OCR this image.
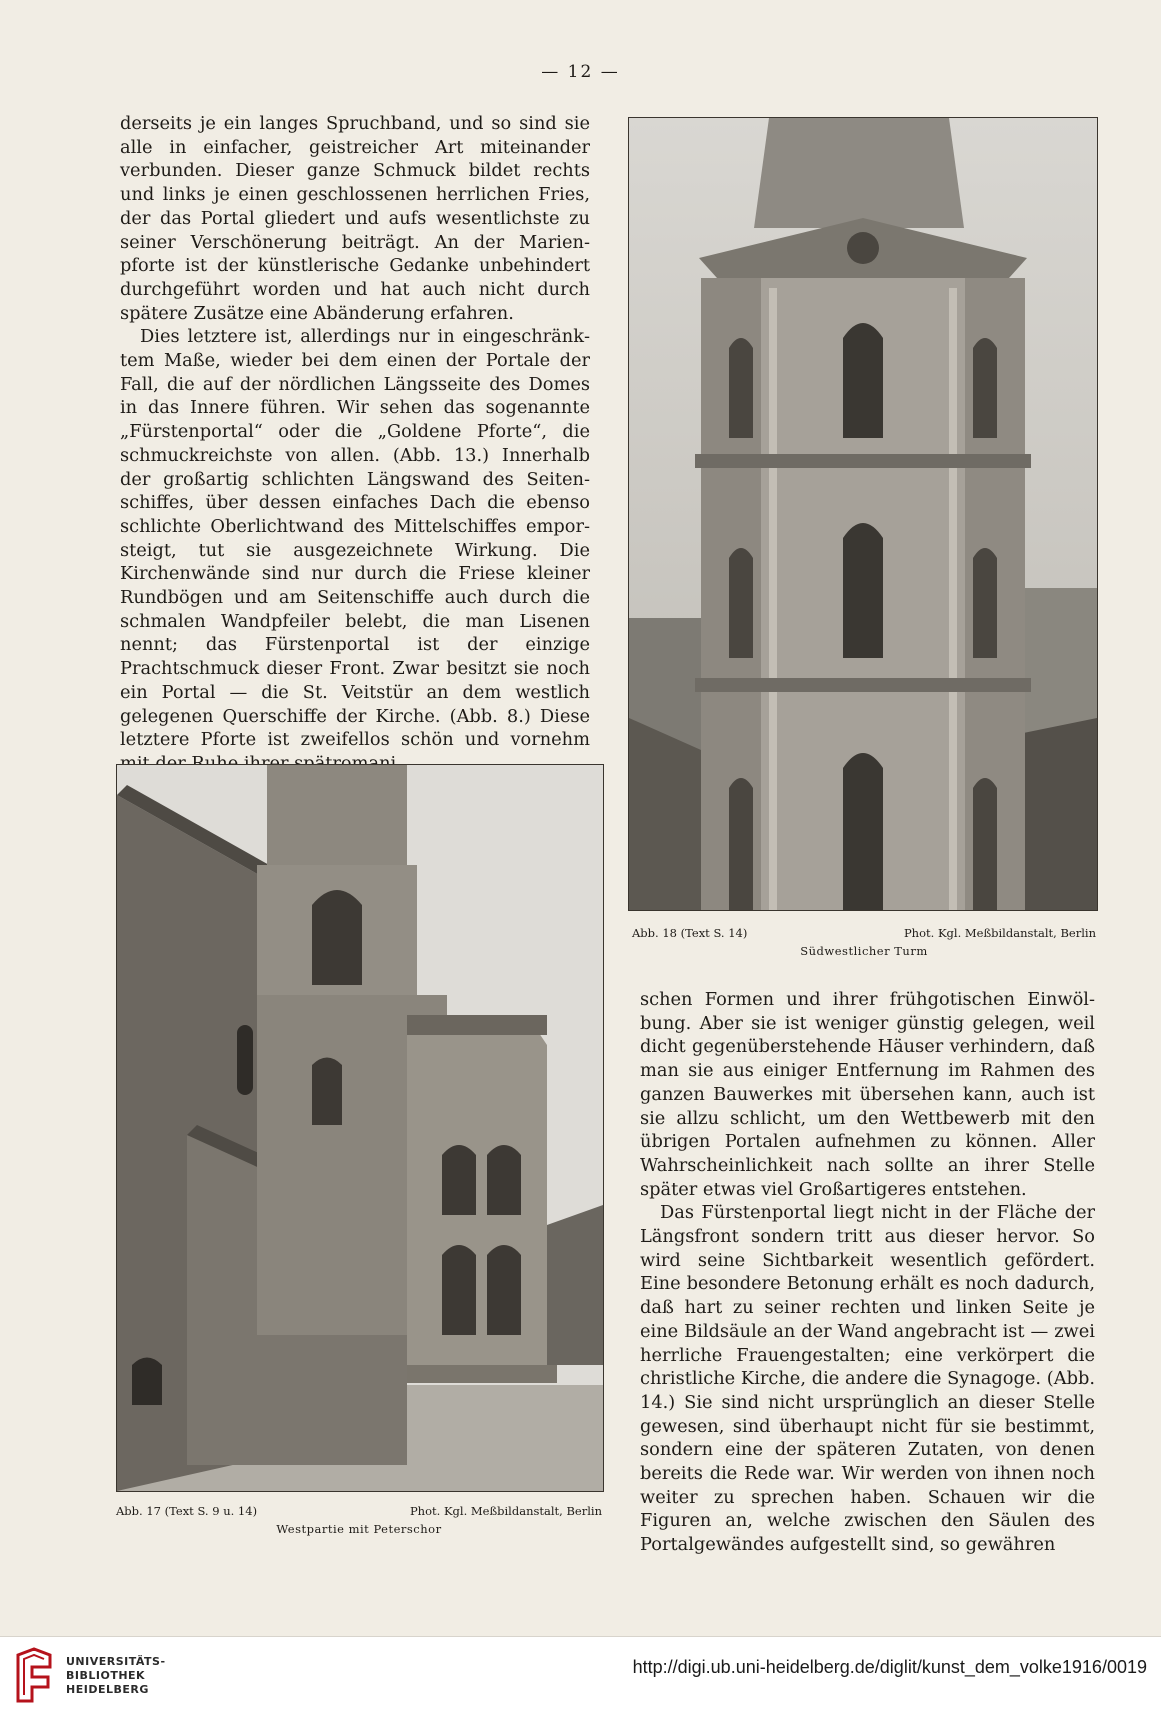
— 12 —

derseits je ein langes Spruchband, und so sind sie alle in einfacher, geistreicher Art miteinander verbunden. Dieser ganze Schmuck bildet rechts und links je einen geschlossenen herrlichen Fries, der das Portal gliedert und aufs wesentlichste zu seiner Verschönerung beiträgt. An der Marienpforte ist der künstlerische Gedanke unbehindert durchgeführt worden und hat auch nicht durch spätere Zusätze eine Abänderung erfahren.

Dies letztere ist, allerdings nur in eingeschränktem Maße, wieder bei dem einen der Portale der Fall, die auf der nördlichen Längsseite des Domes in das Innere führen. Wir sehen das sogenannte „Fürstenportal“ oder die „Goldene Pforte“, die schmuckreichste von allen. (Abb. 13.) Innerhalb der großartig schlichten Längswand des Seitenschiffes, über dessen einfaches Dach die ebenso schlichte Oberlichtwand des Mittelschiffes emporsteigt, tut sie ausgezeichnete Wirkung. Die Kirchenwände sind nur durch die Friese kleiner Rundbögen und am Seitenschiffe auch durch die schmalen Wandpfeiler belebt, die man Lisenen nennt; das Fürstenportal ist der einzige Prachtschmuck dieser Front. Zwar besitzt sie noch ein Portal — die St. Veitstür an dem westlich gelegenen Querschiffe der Kirche. (Abb. 8.) Diese letztere Pforte ist zweifellos schön und vornehm

Abb. 18 (Text S. 14)	Phot. Kgl. Meßbildanstalt, Berlin
Südwestlicher Turm
Abb. 17 (Text S. 9 u. 14)	Phot. Kgl. Meßbildanstalt, Berlin
Westpartie mit Peterschor

schen Formen und ihrer frühgotischen Einwölbung. Aber sie ist weniger günstig gelegen, weil dicht gegenüberstehende Häuser verhindern, daß man sie aus einiger Entfernung im Rahmen des ganzen Bauwerkes mit übersehen kann, auch ist sie allzu schlicht, um den Wettbewerb mit den übrigen Portalen aufnehmen zu können. Aller Wahrscheinlichkeit nach sollte an ihrer Stelle später etwas viel Großartigeres entstehen.

Das Fürstenportal liegt nicht in der Fläche der Längsfront sondern tritt aus dieser hervor. So wird seine Sichtbarkeit wesentlich gefördert. Eine besondere Betonung erhält es noch dadurch, daß hart zu seiner rechten und linken Seite je eine Bildsäule an der Wand angebracht ist — zwei herrliche Frauengestalten; eine verkörpert die christliche Kirche, die andere die Synagoge. (Abb. 14.) Sie sind nicht ursprünglich an dieser Stelle gewesen, sind überhaupt nicht für sie bestimmt, sondern eine der späteren Zutaten, von denen bereits die Rede war. Wir werden von ihnen noch weiter zu sprechen haben. Schauen wir die Figuren an, welche zwischen den Säulen des Portalgewändes aufgestellt sind, so gewähren

UNIVERSITÄTS-
BIBLIOTHEK
HEIDELBERG
http://digi.ub.uni-heidelberg.de/diglit/kunst_dem_volke1916/0019
